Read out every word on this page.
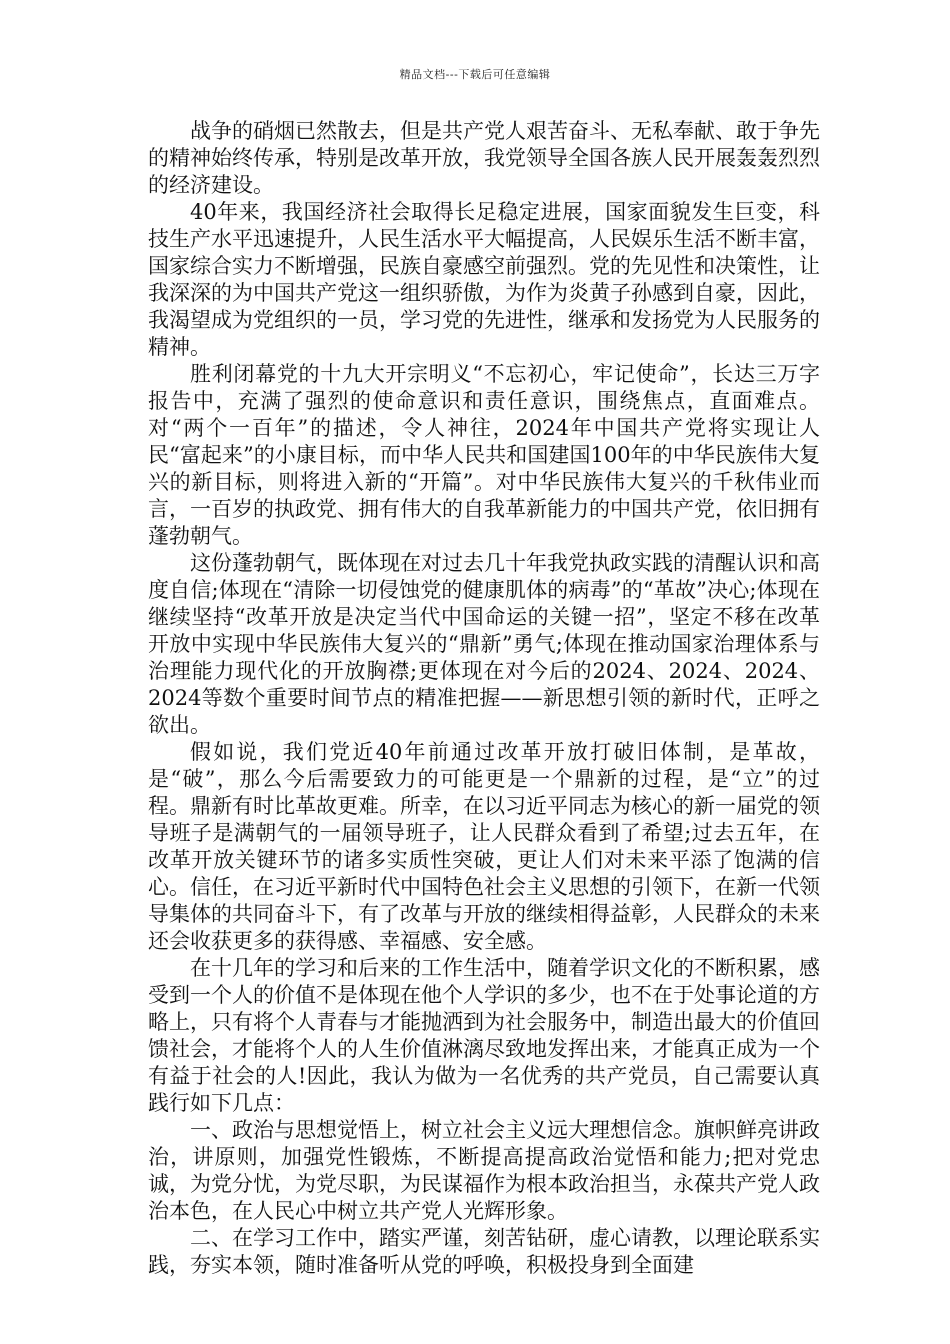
精品文档---下载后可任意编辑

战争的硝烟已然散去，但是共产党人艰苦奋斗、无私奉献、敢于争先的精神始终传承，特别是改革开放，我党领导全国各族人民开展轰轰烈烈的经济建设。

40年来，我国经济社会取得长足稳定进展，国家面貌发生巨变，科技生产水平迅速提升，人民生活水平大幅提高，人民娱乐生活不断丰富，国家综合实力不断增强，民族自豪感空前强烈。党的先见性和决策性，让我深深的为中国共产党这一组织骄傲，为作为炎黄子孙感到自豪，因此，我渴望成为党组织的一员，学习党的先进性，继承和发扬党为人民服务的精神。

胜利闭幕党的十九大开宗明义“不忘初心，牢记使命”，长达三万字报告中，充满了强烈的使命意识和责任意识，围绕焦点，直面难点。对“两个一百年”的描述，令人神往，2024年中国共产党将实现让人民“富起来”的小康目标，而中华人民共和国建国100年的中华民族伟大复兴的新目标，则将进入新的“开篇”。对中华民族伟大复兴的千秋伟业而言，一百岁的执政党、拥有伟大的自我革新能力的中国共产党，依旧拥有蓬勃朝气。

这份蓬勃朝气，既体现在对过去几十年我党执政实践的清醒认识和高度自信;体现在“清除一切侵蚀党的健康肌体的病毒”的“革故”决心;体现在继续坚持“改革开放是决定当代中国命运的关键一招”，坚定不移在改革开放中实现中华民族伟大复兴的“鼎新”勇气;体现在推动国家治理体系与治理能力现代化的开放胸襟;更体现在对今后的2024、2024、2024、2024等数个重要时间节点的精准把握——新思想引领的新时代，正呼之欲出。

假如说，我们党近40年前通过改革开放打破旧体制，是革故，是“破”，那么今后需要致力的可能更是一个鼎新的过程，是“立”的过程。鼎新有时比革故更难。所幸，在以习近平同志为核心的新一届党的领导班子是满朝气的一届领导班子，让人民群众看到了希望;过去五年，在改革开放关键环节的诸多实质性突破，更让人们对未来平添了饱满的信心。信任，在习近平新时代中国特色社会主义思想的引领下，在新一代领导集体的共同奋斗下，有了改革与开放的继续相得益彰，人民群众的未来还会收获更多的获得感、幸福感、安全感。

在十几年的学习和后来的工作生活中，随着学识文化的不断积累，感受到一个人的价值不是体现在他个人学识的多少，也不在于处事论道的方略上，只有将个人青春与才能抛洒到为社会服务中，制造出最大的价值回馈社会，才能将个人的人生价值淋漓尽致地发挥出来，才能真正成为一个有益于社会的人!因此，我认为做为一名优秀的共产党员，自己需要认真践行如下几点：

一、政治与思想觉悟上，树立社会主义远大理想信念。旗帜鲜亮讲政治，讲原则，加强党性锻炼，不断提高提高政治觉悟和能力;把对党忠诚，为党分忧，为党尽职，为民谋福作为根本政治担当，永葆共产党人政治本色，在人民心中树立共产党人光辉形象。

二、在学习工作中，踏实严谨，刻苦钻研，虚心请教，以理论联系实践，夯实本领，随时准备听从党的呼唤，积极投身到全面建
